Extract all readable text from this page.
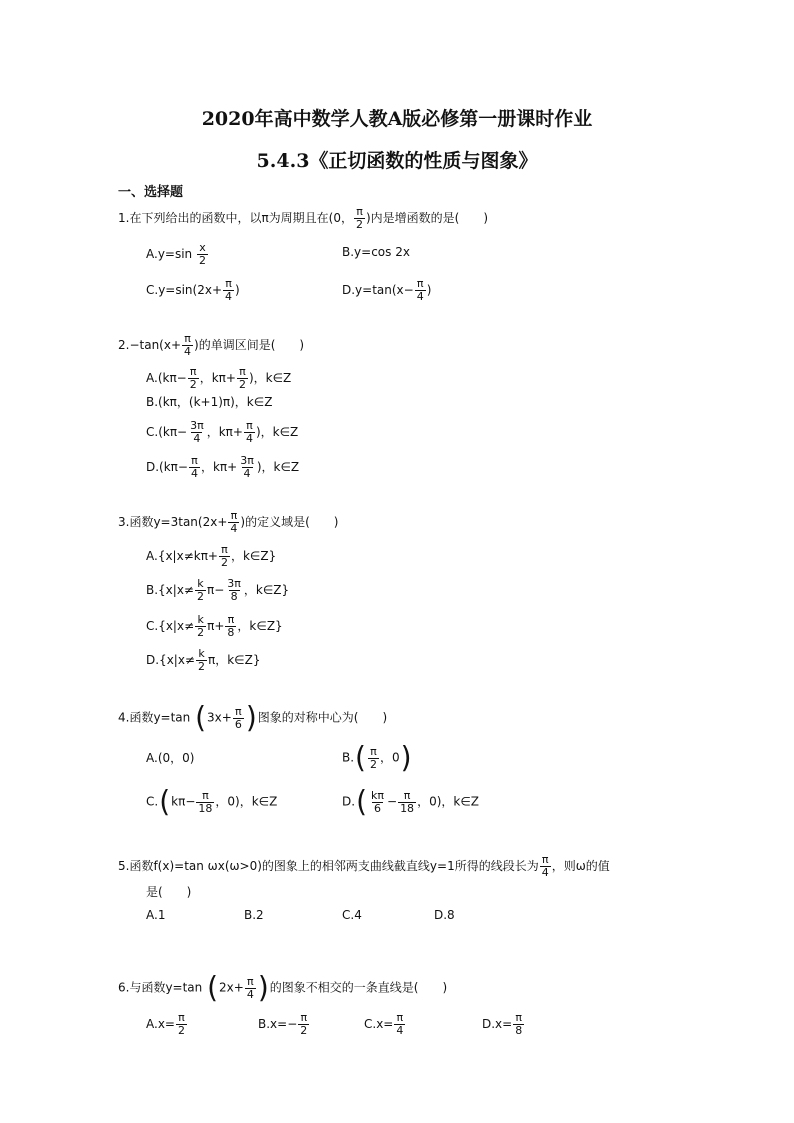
2020年高中数学人教A版必修第一册课时作业
5.4.3《正切函数的性质与图象》
一、选择题
1.在下列给出的函数中，以π为周期且在(0， $\frac{\pi}{2}$ )内是增函数的是(　　)
$A.y=\sin \frac{x}{2}$	B.y=cos 2x
$C.y=\sin(2x+ \frac{\pi}{4}$ )	$D.y=\tan(x- \frac{\pi}{4}$ )
$2.-\tan(x+ \frac{\pi}{4}$ )的单调区间是(　　)
$A.(k\pi- \frac{\pi}{2}$ ，$k\pi+ \frac{\pi}{2}$ )，k∈Z
B.(kπ，(k+1)π)，k∈Z
$C.(k\pi- \frac{3\pi}{4}$ ，$k\pi+ \frac{\pi}{4}$ )，k∈Z
$D.(k\pi- \frac{\pi}{4}$ ，$k\pi+ \frac{3\pi}{4}$ )，k∈Z
3.函数$y=3\tan(2x+ \frac{\pi}{4}$ )的定义域是(　　)
$A.\{x|x\ne k\pi+ \frac{\pi}{2}$ ，k∈Z}
$B.\{x|x\ne \frac{k}{2} \pi- \frac{3\pi}{8}$ ，k∈Z}
$C.\{x|x\ne \frac{k}{2} \pi+ \frac{\pi}{8}$ ，k∈Z}
$D.\{x|x\ne \frac{k}{2}$ π，k∈Z}
4.函数y=tan ($3x+ \frac{\pi}{6}$ )图象的对称中心为(　　)
A.(0，0)	$B.( \frac{\pi}{2}$ ，0)
$C.(k\pi- \frac{\pi}{18}$ ，0)，k∈Z	$D.( \frac{k\pi}{6} - \frac{\pi}{18}$ ，0)，k∈Z
5.函数f(x)=tan ωx(ω>0)的图象上的相邻两支曲线截直线y=1所得的线段长为 $\frac{\pi}{4}$ ，则ω的值
是(　　)
A.1	B.2	C.4	D.8
6.与函数y=tan ($2x+ \frac{\pi}{4}$ )的图象不相交的一条直线是(　　)
$A.x= \frac{\pi}{2}$	$B.x=- \frac{\pi}{2}$	$C.x= \frac{\pi}{4}$	$D.x= \frac{\pi}{8}$
